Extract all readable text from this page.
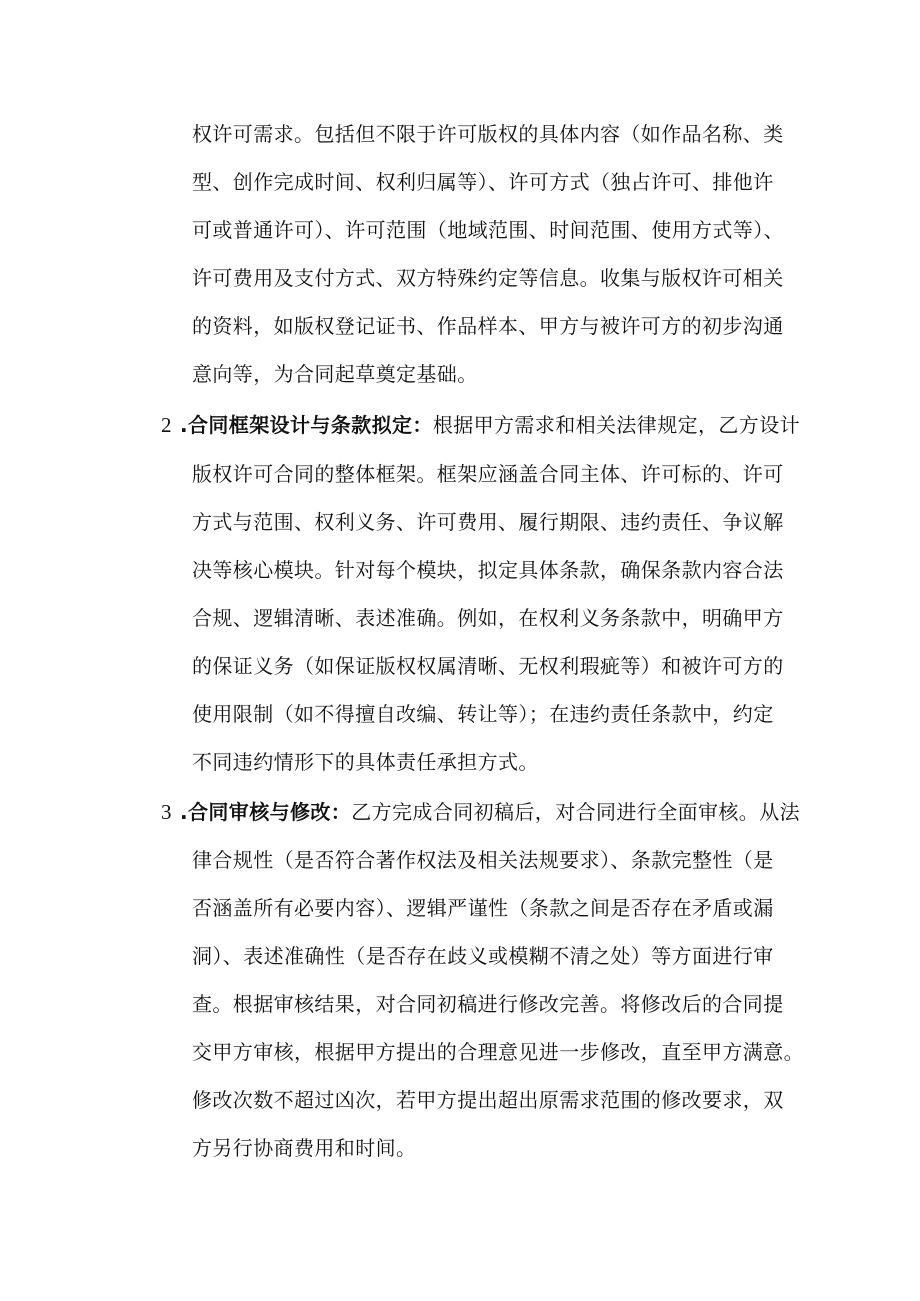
权许可需求。包括但不限于许可版权的具体内容（如作品名称、类
型、创作完成时间、权利归属等）、许可方式（独占许可、排他许
可或普通许可）、许可范围（地域范围、时间范围、使用方式等）、
许可费用及支付方式、双方特殊约定等信息。收集与版权许可相关
的资料，如版权登记证书、作品样本、甲方与被许可方的初步沟通
意向等，为合同起草奠定基础。
2 .合同框架设计与条款拟定：根据甲方需求和相关法律规定，乙方设计
版权许可合同的整体框架。框架应涵盖合同主体、许可标的、许可
方式与范围、权利义务、许可费用、履行期限、违约责任、争议解
决等核心模块。针对每个模块，拟定具体条款，确保条款内容合法
合规、逻辑清晰、表述准确。例如，在权利义务条款中，明确甲方
的保证义务（如保证版权权属清晰、无权利瑕疵等）和被许可方的
使用限制（如不得擅自改编、转让等）；在违约责任条款中，约定
不同违约情形下的具体责任承担方式。
3 .合同审核与修改：乙方完成合同初稿后，对合同进行全面审核。从法
律合规性（是否符合著作权法及相关法规要求）、条款完整性（是
否涵盖所有必要内容）、逻辑严谨性（条款之间是否存在矛盾或漏
洞）、表述准确性（是否存在歧义或模糊不清之处）等方面进行审
查。根据审核结果，对合同初稿进行修改完善。将修改后的合同提
交甲方审核，根据甲方提出的合理意见进一步修改，直至甲方满意。
修改次数不超过凶次，若甲方提出超出原需求范围的修改要求，双
方另行协商费用和时间。
